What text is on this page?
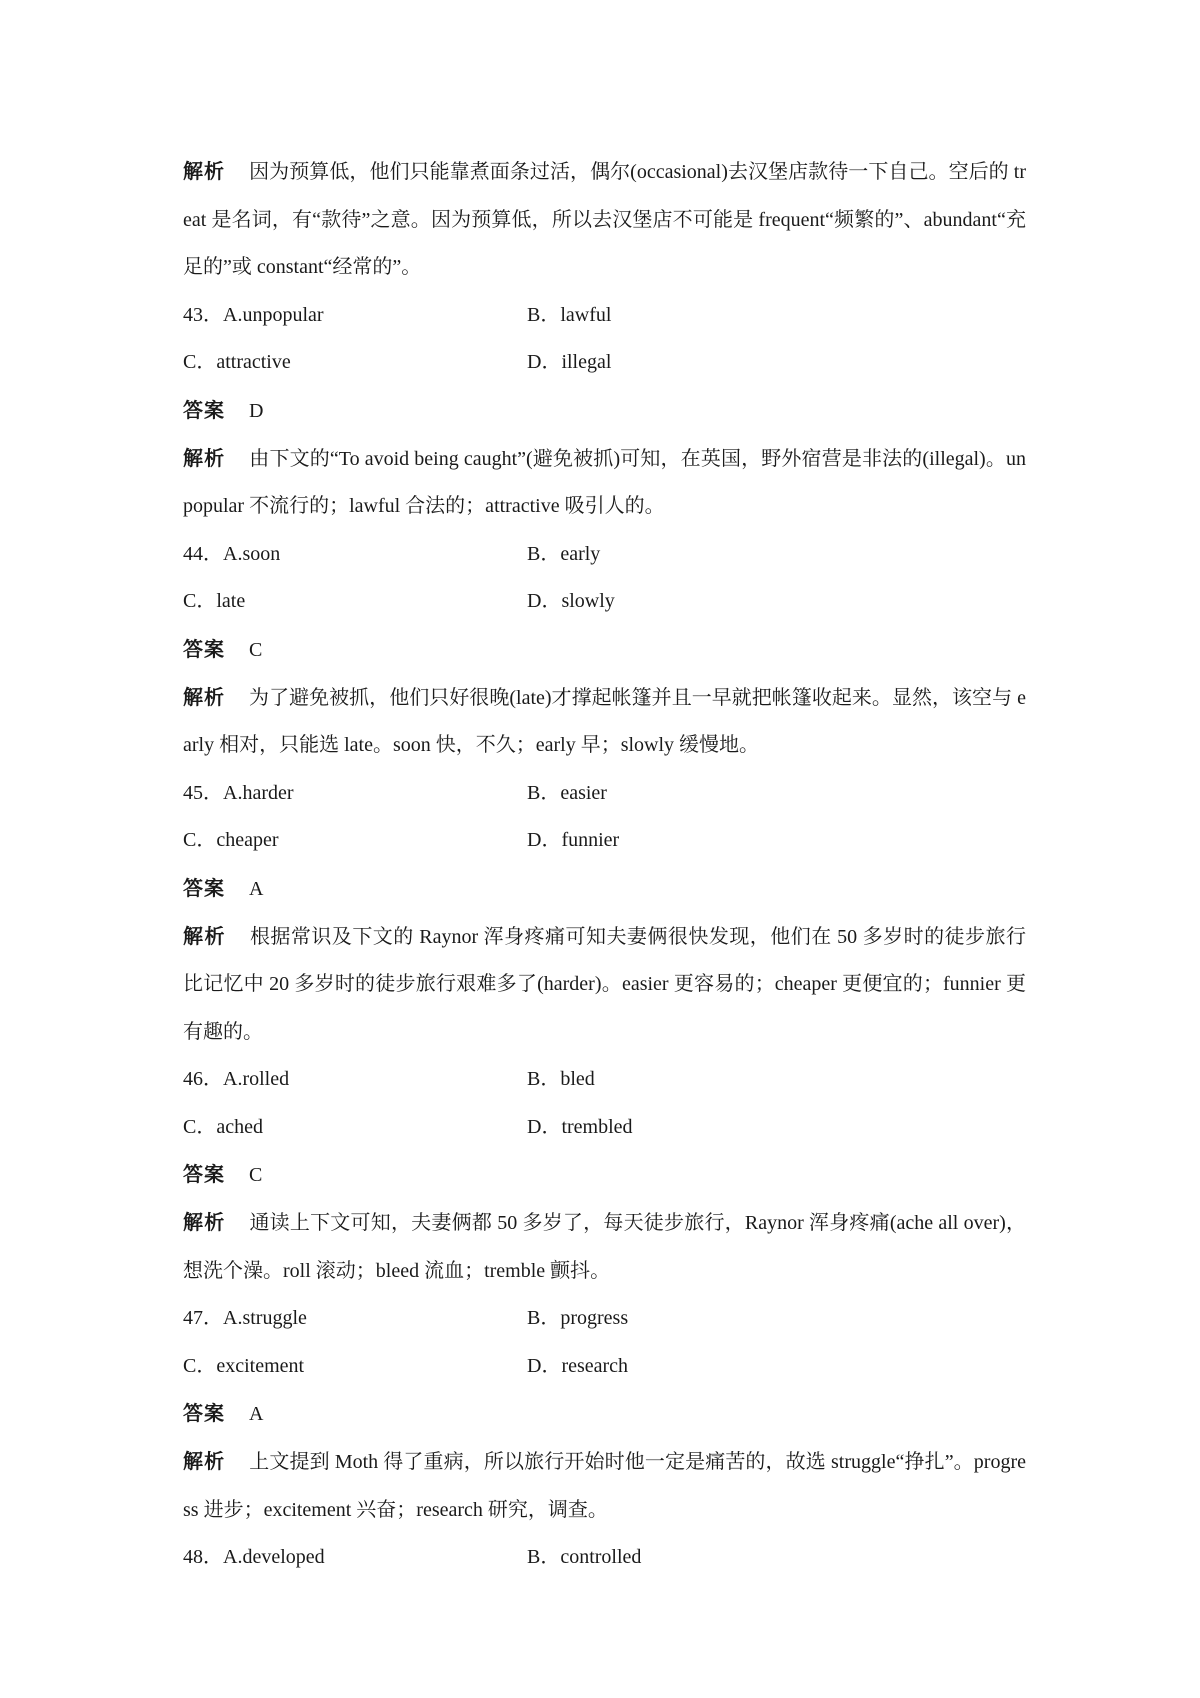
解析 因为预算低，他们只能靠煮面条过活，偶尔(occasional)去汉堡店款待一下自己。空后的 treat 是名词，有“款待”之意。因为预算低，所以去汉堡店不可能是 frequent“频繁的”、abundant“充足的”或 constant“经常的”。
43．A.unpopular	B．lawful
C．attractive	D．illegal
答案 D
解析 由下文的“To avoid being caught”(避免被抓)可知，在英国，野外宿营是非法的(illegal)。unpopular 不流行的；lawful 合法的；attractive 吸引人的。
44．A.soon	B．early
C．late	D．slowly
答案 C
解析 为了避免被抓，他们只好很晚(late)才撑起帐篷并且一早就把帐篷收起来。显然，该空与 early 相对，只能选 late。soon 快，不久；early 早；slowly 缓慢地。
45．A.harder	B．easier
C．cheaper	D．funnier
答案 A
解析 根据常识及下文的 Raynor 浑身疼痛可知夫妻俩很快发现，他们在 50 多岁时的徒步旅行比记忆中 20 多岁时的徒步旅行艰难多了(harder)。easier 更容易的；cheaper 更便宜的；funnier 更有趣的。
46．A.rolled	B．bled
C．ached	D．trembled
答案 C
解析 通读上下文可知，夫妻俩都 50 多岁了，每天徒步旅行，Raynor 浑身疼痛(ache all over)，想洗个澡。roll 滚动；bleed 流血；tremble 颤抖。
47．A.struggle	B．progress
C．excitement	D．research
答案 A
解析 上文提到 Moth 得了重病，所以旅行开始时他一定是痛苦的，故选 struggle“挣扎”。progress 进步；excitement 兴奋；research 研究，调查。
48．A.developed	B．controlled
